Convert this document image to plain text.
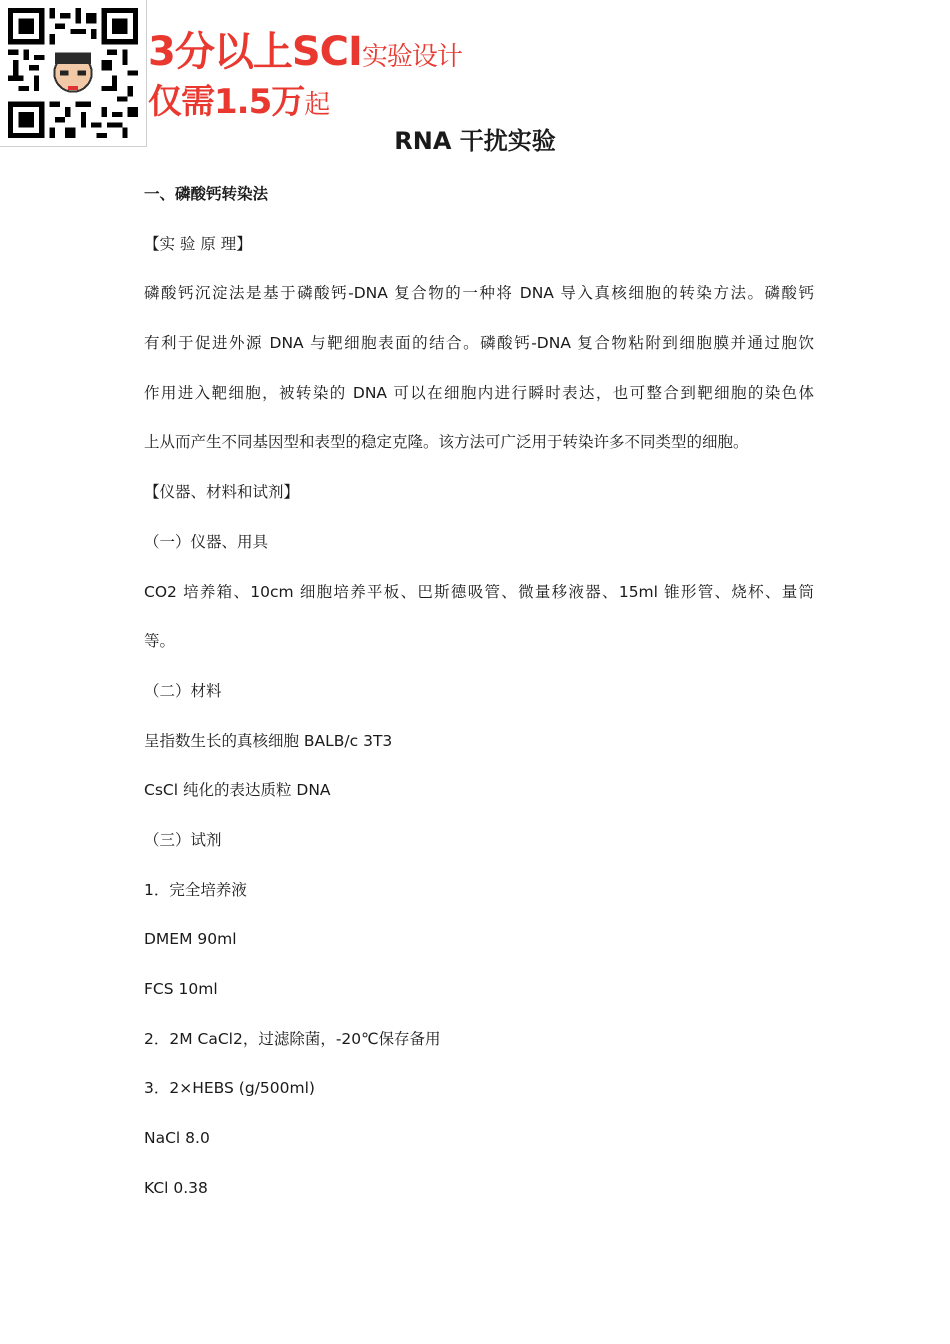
3分以上SCI实验设计
仅需1.5万起
RNA 干扰实验
一、磷酸钙转染法
【实 验 原 理】
磷酸钙沉淀法是基于磷酸钙-DNA 复合物的一种将 DNA 导入真核细胞的转染方法。磷酸钙
有利于促进外源 DNA 与靶细胞表面的结合。磷酸钙-DNA 复合物粘附到细胞膜并通过胞饮
作用进入靶细胞，被转染的 DNA 可以在细胞内进行瞬时表达，也可整合到靶细胞的染色体
上从而产生不同基因型和表型的稳定克隆。该方法可广泛用于转染许多不同类型的细胞。
【仪器、材料和试剂】
（一）仪器、用具
CO2 培养箱、10cm 细胞培养平板、巴斯德吸管、微量移液器、15ml 锥形管、烧杯、量筒
等。
（二）材料
呈指数生长的真核细胞 BALB/c 3T3
CsCl 纯化的表达质粒 DNA
（三）试剂
1．完全培养液
DMEM 90ml
FCS 10ml
2．2M CaCl2，过滤除菌，-20℃保存备用
3．2×HEBS (g/500ml)
NaCl 8.0
KCl 0.38
